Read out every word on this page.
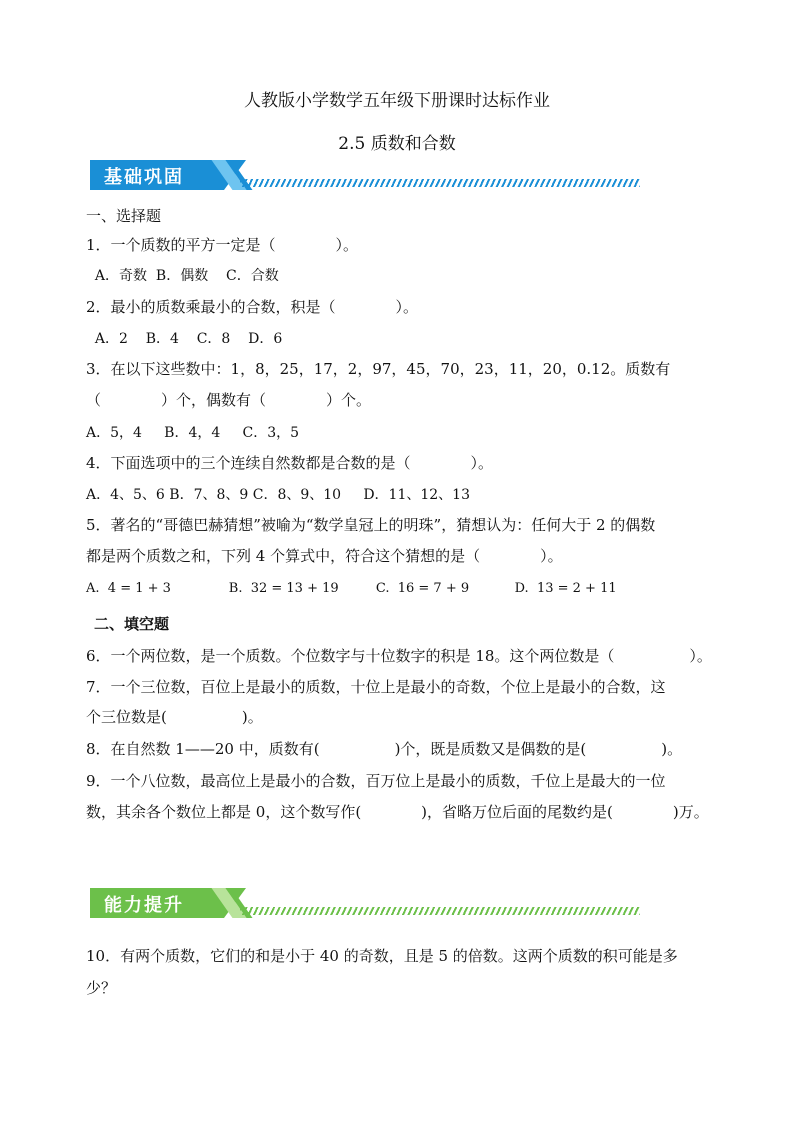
人教版小学数学五年级下册课时达标作业
2.5 质数和合数
基础巩固
一、选择题
1．一个质数的平方一定是（　　　　）。
A．奇数  B．偶数    C．合数
2．最小的质数乘最小的合数，积是（　　　　）。
A．2    B．4    C．8    D．6
3．在以下这些数中：1，8，25，17，2，97，45，70，23，11，20，0.12。质数有
（　　　　）个，偶数有（　　　　）个。
A．5，4     B．4，4     C．3，5
4．下面选项中的三个连续自然数都是合数的是（　　　　）。
A．4、5、6 B．7、8、9 C．8、9、10     D．11、12、13
5．著名的“哥德巴赫猜想”被喻为“数学皇冠上的明珠”，猜想认为：任何大于 2 的偶数
都是两个质数之和，下列 4 个算式中，符合这个猜想的是（　　　　）。
A.  4 = 1 + 3              B.  32 = 13 + 19         C.  16 = 7 + 9           D.  13 = 2 + 11
二、填空题
6．一个两位数，是一个质数。个位数字与十位数字的积是 18。这个两位数是（　　　　　）。
7．一个三位数，百位上是最小的质数，十位上是最小的奇数，个位上是最小的合数，这
个三位数是(　　　　　)。
8．在自然数 1——20 中，质数有(　　　　　)个，既是质数又是偶数的是(　　　　　)。
9．一个八位数，最高位上是最小的合数，百万位上是最小的质数，千位上是最大的一位
数，其余各个数位上都是 0，这个数写作(　　　　)，省略万位后面的尾数约是(　　　　)万。
能力提升
10．有两个质数，它们的和是小于 40 的奇数，且是 5 的倍数。这两个质数的积可能是多
少？
